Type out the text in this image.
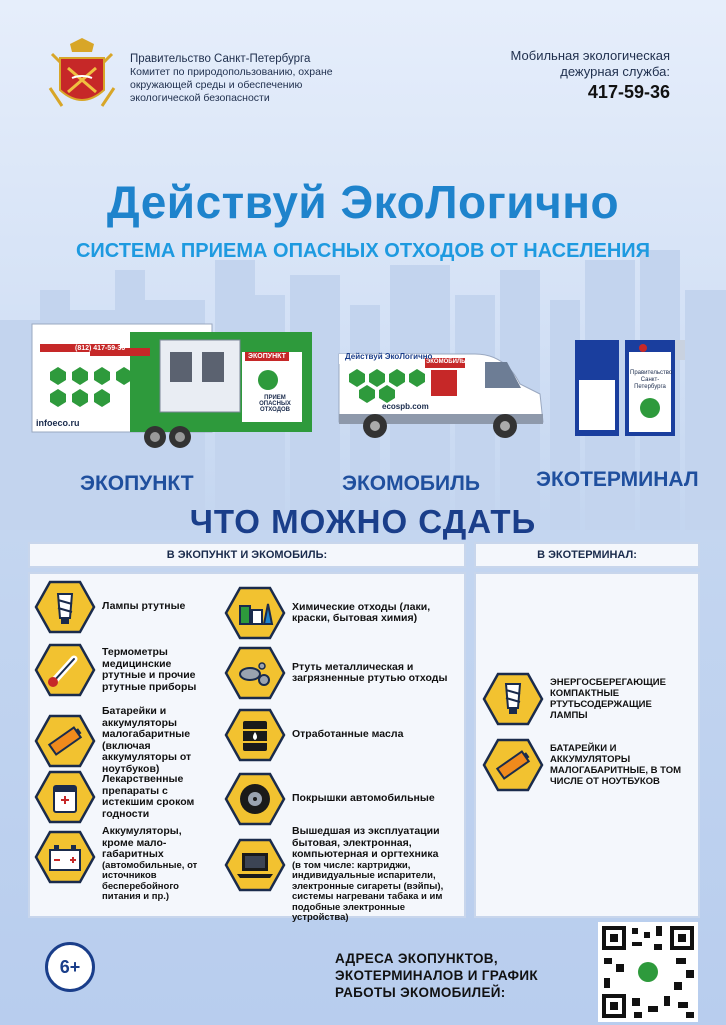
Правительство Санкт-Петербурга
Комитет по природопользованию, охране окружающей среды и обеспечению экологической безопасности
Мобильная экологическая дежурная служба:
417-59-36
Действуй ЭкоЛогично
СИСТЕМА ПРИЕМА ОПАСНЫХ ОТХОДОВ ОТ НАСЕЛЕНИЯ
ЭКОПУНКТ
(812) 417-59-36
ПРИЕМ ОПАСНЫХ ОТХОДОВ
infoeco.ru
Действуй ЭкоЛогично
ЭКОМОБИЛЬ
ecospb.com
Правительство Санкт-Петербурга
ЭКОПУНКТ	ЭКОМОБИЛЬ	ЭКОТЕРМИНАЛ
ЧТО МОЖНО СДАТЬ
В ЭКОПУНКТ И ЭКОМОБИЛЬ:	В ЭКОТЕРМИНАЛ:
Лампы ртутные
Термометры медицинские ртутные и прочие ртутные приборы
Батарейки и аккумуляторы малогабаритные (включая аккумуляторы от ноутбуков)
Лекарственные препараты с истекшим сроком годности
Аккумуляторы, кроме мало-габаритных
(автомобильные, от источников бесперебойного питания и пр.)
Химические отходы (лаки, краски, бытовая химия)
Ртуть металлическая и загрязненные ртутью отходы
Отработанные масла
Покрышки автомобильные
Вышедшая из эксплуатации бытовая, электронная, компьютерная и оргтехника
(в том числе: картриджи, индивидуальные испарители, электронные сигареты (вэйпы), системы нагревани табака и им подобные электронные устройства)
ЭНЕРГОСБЕРЕГАЮЩИЕ КОМПАКТНЫЕ РТУТЬСОДЕРЖАЩИЕ ЛАМПЫ
БАТАРЕЙКИ И АККУМУЛЯТОРЫ МАЛОГАБАРИТНЫЕ, В ТОМ ЧИСЛЕ ОТ НОУТБУКОВ
6+	АДРЕСА ЭКОПУНКТОВ, ЭКОТЕРМИНАЛОВ И ГРАФИК РАБОТЫ ЭКОМОБИЛЕЙ:
